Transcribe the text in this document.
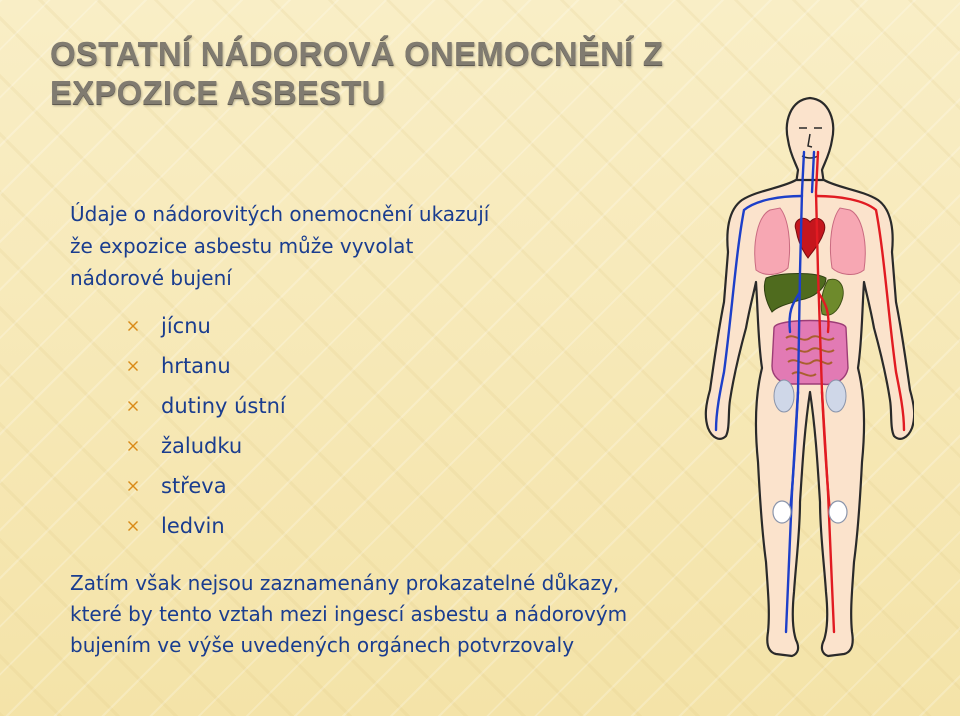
OSTATNÍ NÁDOROVÁ ONEMOCNĚNÍ Z
EXPOZICE ASBESTU
Údaje o nádorovitých onemocnění ukazují
že expozice asbestu může vyvolat
nádorové bujení
jícnu
hrtanu
dutiny ústní
žaludku
střeva
ledvin
Zatím však nejsou zaznamenány prokazatelné důkazy,
které by tento vztah mezi ingescí asbestu a nádorovým
bujením ve výše uvedených orgánech potvrzovaly
